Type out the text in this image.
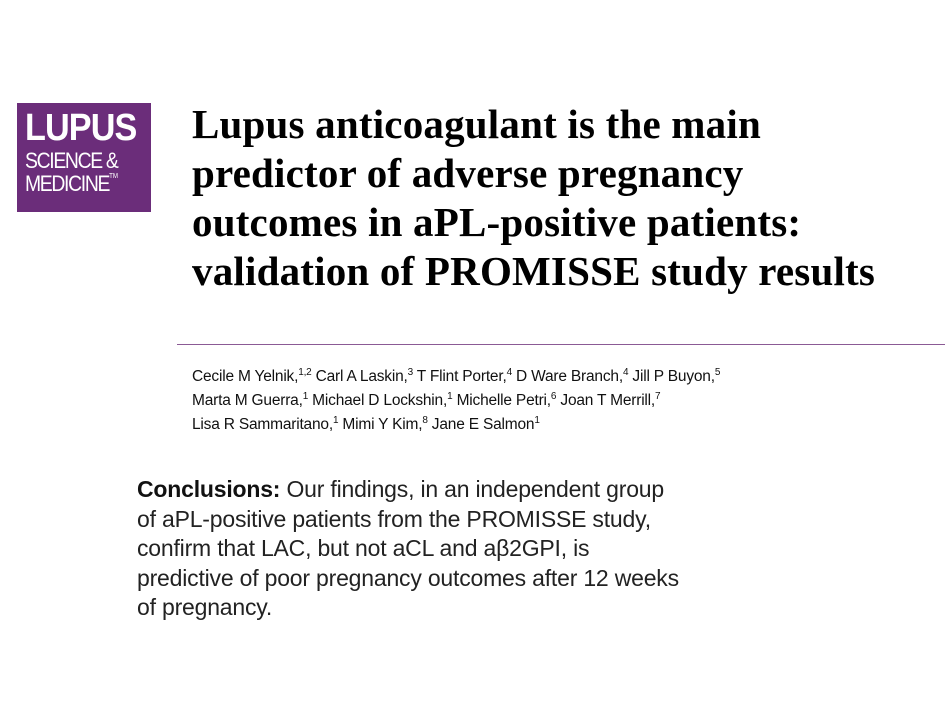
LUPUS
SCIENCE &
MEDICINE™
Lupus anticoagulant is the main
predictor of adverse pregnancy
outcomes in aPL-positive patients:
validation of PROMISSE study results
Cecile M Yelnik,$^{1,2}$ Carl A Laskin,$^3$ T Flint Porter,$^4$ D Ware Branch,$^4$ Jill P Buyon,$^5$
Marta M Guerra,$^1$ Michael D Lockshin,$^1$ Michelle Petri,$^6$ Joan T Merrill,$^7$
Lisa R Sammaritano,$^1$ Mimi Y Kim,$^8$ Jane E Salmon$^1$
Conclusions: Our findings, in an independent group
of aPL-positive patients from the PROMISSE study,
confirm that LAC, but not aCL and aβ2GPI, is
predictive of poor pregnancy outcomes after 12 weeks
of pregnancy.
